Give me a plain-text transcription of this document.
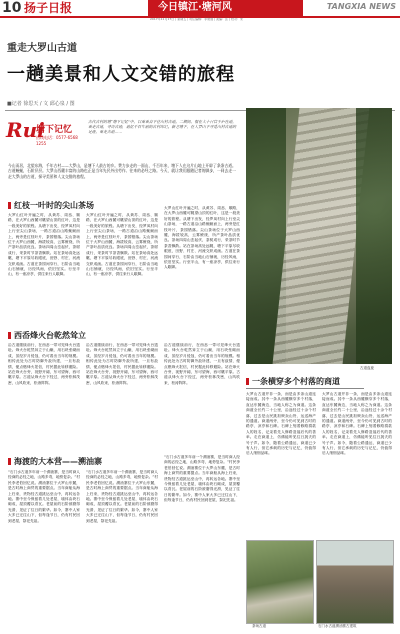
10 扬子日报	今日镇江·塘河风	TANGXIA NEWS
2017年11月17日 | 星期五 | 责任编辑：李建强 | 美编：张 | 校对：朱
重走大罗山古道
一趟美景和人文交错的旅程
■记者 徐思天 / 文 邱心泉 / 图
Rui
塘下记忆
热线电话：0577-6568 1255
古代古村的塘“塘下记忆”中，以重重自下往山村古道。二期间，很在大十日官于庐在道，重走古道，寻访古迹，追忆千百年前的古村印记。新老塘下，在大罗山下寻觅山村古道的足迹，重走古道……
古道盘旋
今山而居，北望东海，千年古村——大罗山，是塘下人最古的乡。费力步走的一面山，千百年来，塘下人在这片山地上开辟了条条古道。古道蜿蜒，石阶层层。大罗山西麓丰富的山路也正是当年先民外出劳作、往来的必经之路。今天，就让我们跟随记者的脚步，一同去走一走大罗山的古道，探寻美景和人文交错的旅程。
红枝一叶时的尖山茶场
大罗山红叶开遍之时，从黄苏、周岙、顺路，在大罗山西麓可眺望山顶的红叶，这是一段美好的旅程。从塘下出发，经罗凤村向上行至尖山茶场，一路古道沿山路蜿蜒而上，两旁是红枝叶片，茶园错落。尖山茶场位于大罗山西麓，海拔较高，云雾缭绕，所产茶叶品质优良。茶场四周山峦起伏，茶树成行，采茶时节茶香飘散。站在茶场高处远眺，塘下平原尽收眼底，田野、村庄、河流交织成画。古道在茶园间穿行，石阶由当地山石铺就，历经风雨，依旧坚实。行至半山，有一座凉亭，供往来行人歇脚。
大罗山红叶开遍之时，从黄苏、周岙、顺路，在大罗山西麓可眺望山顶的红叶，这是一段美好的旅程。从塘下出发，经罗凤村向上行至尖山茶场，一路古道沿山路蜿蜒而上，两旁是红枝叶片，茶园错落。尖山茶场位于大罗山西麓，海拔较高，云雾缭绕，所产茶叶品质优良。茶场四周山峦起伏，茶树成行，采茶时节茶香飘散。站在茶场高处远眺，塘下平原尽收眼底，田野、村庄、河流交织成画。古道在茶园间穿行，石阶由当地山石铺就，历经风雨，依旧坚实。行至半山，有一座凉亭，供往来行人歇脚。
大罗山红叶开遍之时，从黄苏、周岙、顺路，在大罗山西麓可眺望山顶的红叶，这是一段美好的旅程。从塘下出发，经罗凤村向上行至尖山茶场，一路古道沿山路蜿蜒而上，两旁是红枝叶片，茶园错落。尖山茶场位于大罗山西麓，海拔较高，云雾缭绕，所产茶叶品质优良。茶场四周山峦起伏，茶树成行，采茶时节茶香飘散。站在茶场高处远眺，塘下平原尽收眼底，田野、村庄、河流交织成画。古道在茶园间穿行，石阶由当地山石铺就，历经风雨，依旧坚实。行至半山，有一座凉亭，供往来行人歇脚。
西岙烽火台乾然耸立
沿古道继续前行，在西岙一带可见烽火台遗址。烽火台乾然耸立于山巅，用石块垒砌而成，虽经岁月侵蚀，仍可看出当年的规模。相传此处为古时防御外敌所建，一旦有敌情，便点燃烽火报信，村民据此转移避险。站在烽火台旁，视野开阔，东可望海，西可眺平原。古道从烽火台下经过，两旁松林茂密，山风吹来，松涛阵阵。
沿古道继续前行，在西岙一带可见烽火台遗址。烽火台乾然耸立于山巅，用石块垒砌而成，虽经岁月侵蚀，仍可看出当年的规模。相传此处为古时防御外敌所建，一旦有敌情，便点燃烽火报信，村民据此转移避险。站在烽火台旁，视野开阔，东可望海，西可眺平原。古道从烽火台下经过，两旁松林茂密，山风吹来，松涛阵阵。
沿古道继续前行，在西岙一带可见烽火台遗址。烽火台乾然耸立于山巅，用石块垒砌而成，虽经岁月侵蚀，仍可看出当年的规模。相传此处为古时防御外敌所建，一旦有敌情，便点燃烽火报信，村民据此转移避险。站在烽火台旁，视野开阔，东可望海，西可眺平原。古道从烽火台下经过，两旁松林茂密，山风吹来，松涛阵阵。
海渡的大本营——溯油寨
“石门水古道多年前一个溯油寨，是当时商人经商的必经之地，山路多弯，地势复杂。”村民李老伯回忆说。溯油寨位于大罗山东麓，是古时海上商贸的重要据点。当年商船从海上归来，货物经古道挑运至山中，再转运各地。寨中至今保留着几处老屋，墙体由块石砌成，屋顶覆以青瓦。老屋前的石阶被磨得光滑，见证了往日的繁华。如今，寨中人家大多已迁往山下，但每逢节日，仍有村民回到老屋，祭祀先祖。
“石门水古道多年前一个溯油寨，是当时商人经商的必经之地，山路多弯，地势复杂。”村民李老伯回忆说。溯油寨位于大罗山东麓，是古时海上商贸的重要据点。当年商船从海上归来，货物经古道挑运至山中，再转运各地。寨中至今保留着几处老屋，墙体由块石砌成，屋顶覆以青瓦。老屋前的石阶被磨得光滑，见证了往日的繁华。如今，寨中人家大多已迁往山下，但每逢节日，仍有村民回到老屋，祭祀先祖。
“石门水古道多年前一个溯油寨，是当时商人经商的必经之地，山路多弯，地势复杂。”村民李老伯回忆说。溯油寨位于大罗山东麓，是古时海上商贸的重要据点。当年商船从海上归来，货物经古道挑运至山中，再转运各地。寨中至今保留着几处老屋，墙体由块石砌成，屋顶覆以青瓦。老屋前的石阶被磨得光滑，见证了往日的繁华。如今，寨中人家大多已迁往山下，但每逢节日，仍有村民回到老屋，祭祀先祖。
一条横穿多个村落的商道
大罗山古道并非一条，而是由多条山道连接而成。其中一条从西麓横穿多个村落，直达东麓海边，当地人称之为商道。这条商道全长约二十公里，沿途经过十余个村落，过去是山民挑担贩卖山货、运送海产的通道。商道两旁，至今仍可见到古时的路亭、凉亭和石碑。石碑上刻着修路捐款人的姓名，记录着先人修路造福后代的善举。走在商道上，仿佛能听见往日挑夫的号子声。如今，随着公路通达，商道已少有人行，但它承载的历史与记忆，仍值得后人细细品味。
大罗山古道并非一条，而是由多条山道连接而成。其中一条从西麓横穿多个村落，直达东麓海边，当地人称之为商道。这条商道全长约二十公里，沿途经过十余个村落，过去是山民挑担贩卖山货、运送海产的通道。商道两旁，至今仍可见到古时的路亭、凉亭和石碑。石碑上刻着修路捐款人的姓名，记录着先人修路造福后代的善举。走在商道上，仿佛能听见往日挑夫的号子声。如今，随着公路通达，商道已少有人行，但它承载的历史与记忆，仍值得后人细细品味。
茶场古道	石门水古道溯油寨古建筑
